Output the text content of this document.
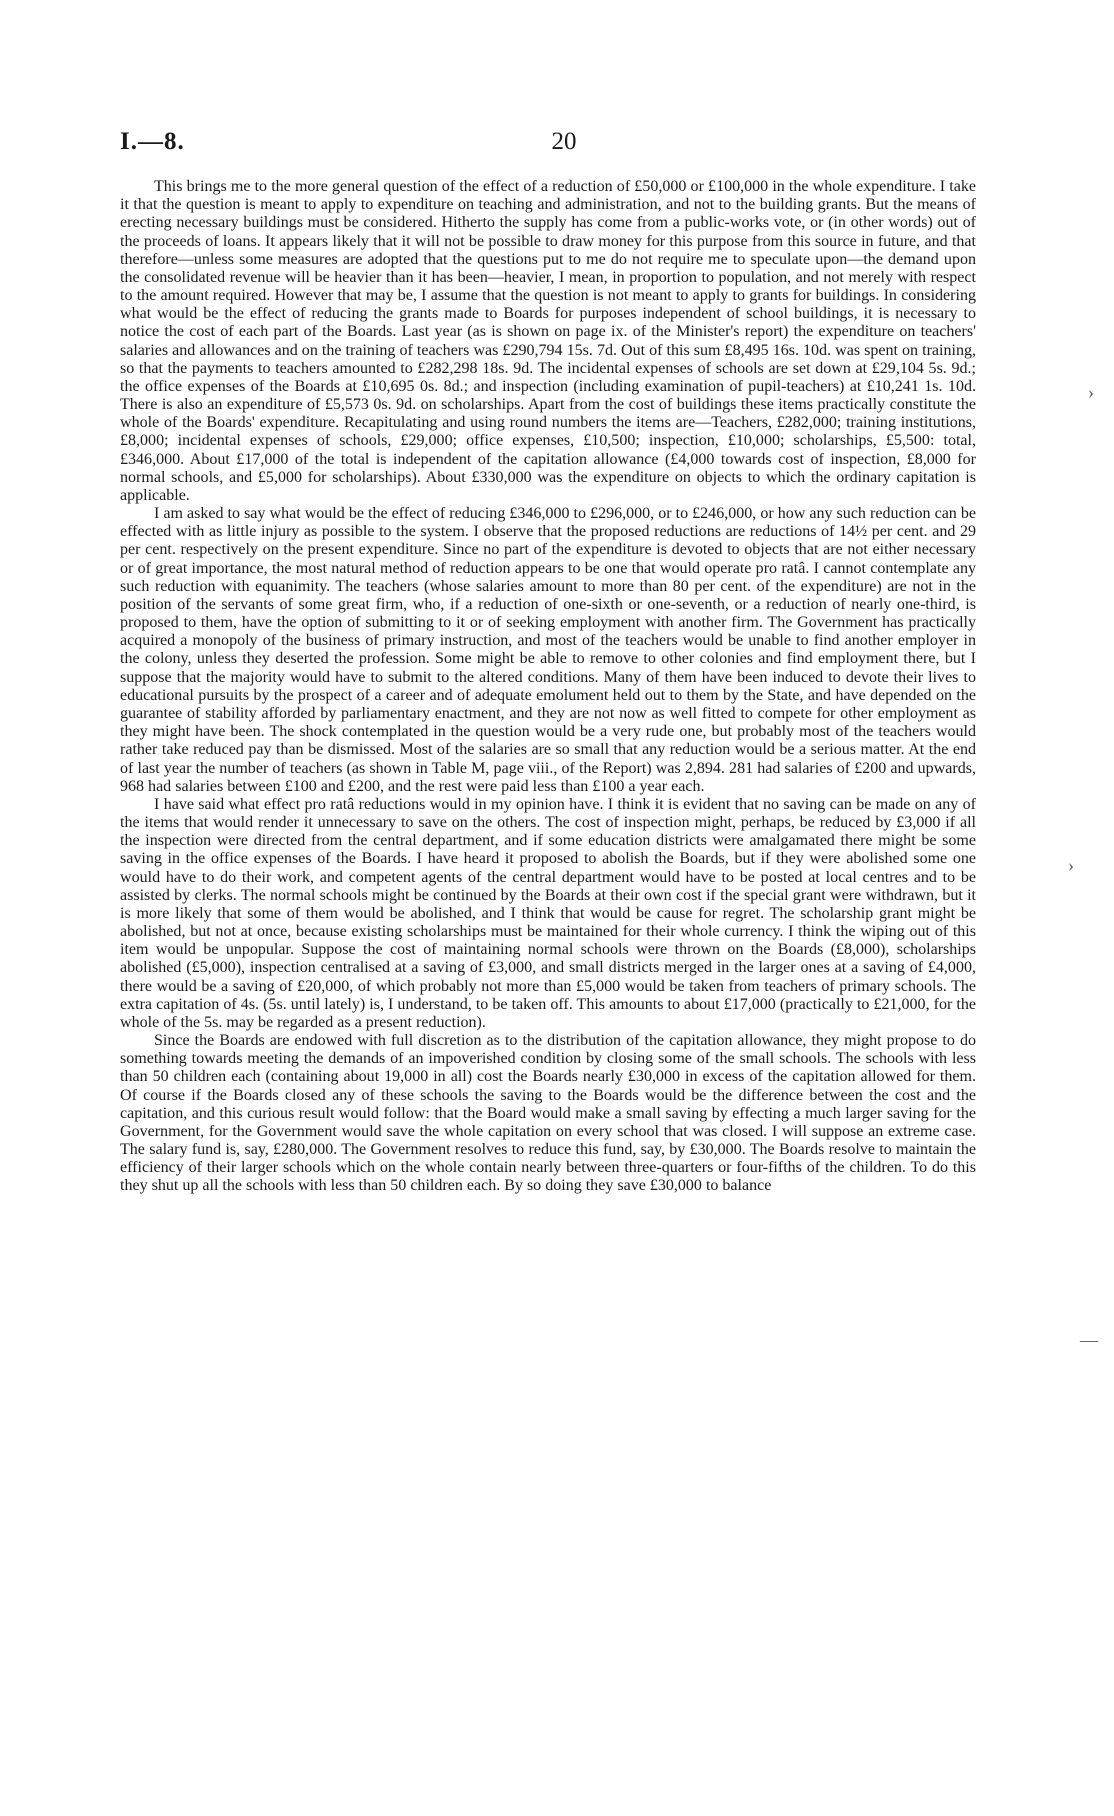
I.—8.	20

This brings me to the more general question of the effect of a reduction of £50,000 or £100,000 in the whole expenditure. I take it that the question is meant to apply to expenditure on teaching and administration, and not to the building grants. But the means of erecting necessary buildings must be considered. Hitherto the supply has come from a public-works vote, or (in other words) out of the proceeds of loans. It appears likely that it will not be possible to draw money for this purpose from this source in future, and that therefore—unless some measures are adopted that the questions put to me do not require me to speculate upon—the demand upon the consolidated revenue will be heavier than it has been—heavier, I mean, in proportion to population, and not merely with respect to the amount required. However that may be, I assume that the question is not meant to apply to grants for buildings. In considering what would be the effect of reducing the grants made to Boards for purposes independent of school buildings, it is necessary to notice the cost of each part of the Boards. Last year (as is shown on page ix. of the Minister's report) the expenditure on teachers' salaries and allowances and on the training of teachers was £290,794 15s. 7d. Out of this sum £8,495 16s. 10d. was spent on training, so that the payments to teachers amounted to £282,298 18s. 9d. The incidental expenses of schools are set down at £29,104 5s. 9d.; the office expenses of the Boards at £10,695 0s. 8d.; and inspection (including examination of pupil-teachers) at £10,241 1s. 10d. There is also an expenditure of £5,573 0s. 9d. on scholarships. Apart from the cost of buildings these items practically constitute the whole of the Boards' expenditure. Recapitulating and using round numbers the items are—Teachers, £282,000; training institutions, £8,000; incidental expenses of schools, £29,000; office expenses, £10,500; inspection, £10,000; scholarships, £5,500: total, £346,000. About £17,000 of the total is independent of the capitation allowance (£4,000 towards cost of inspection, £8,000 for normal schools, and £5,000 for scholarships). About £330,000 was the expenditure on objects to which the ordinary capitation is applicable.

I am asked to say what would be the effect of reducing £346,000 to £296,000, or to £246,000, or how any such reduction can be effected with as little injury as possible to the system. I observe that the proposed reductions are reductions of 14½ per cent. and 29 per cent. respectively on the present expenditure. Since no part of the expenditure is devoted to objects that are not either necessary or of great importance, the most natural method of reduction appears to be one that would operate pro ratâ. I cannot contemplate any such reduction with equanimity. The teachers (whose salaries amount to more than 80 per cent. of the expenditure) are not in the position of the servants of some great firm, who, if a reduction of one-sixth or one-seventh, or a reduction of nearly one-third, is proposed to them, have the option of submitting to it or of seeking employment with another firm. The Government has practically acquired a monopoly of the business of primary instruction, and most of the teachers would be unable to find another employer in the colony, unless they deserted the profession. Some might be able to remove to other colonies and find employment there, but I suppose that the majority would have to submit to the altered conditions. Many of them have been induced to devote their lives to educational pursuits by the prospect of a career and of adequate emolument held out to them by the State, and have depended on the guarantee of stability afforded by parliamentary enactment, and they are not now as well fitted to compete for other employment as they might have been. The shock contemplated in the question would be a very rude one, but probably most of the teachers would rather take reduced pay than be dismissed. Most of the salaries are so small that any reduction would be a serious matter. At the end of last year the number of teachers (as shown in Table M, page viii., of the Report) was 2,894. 281 had salaries of £200 and upwards, 968 had salaries between £100 and £200, and the rest were paid less than £100 a year each.

I have said what effect pro ratâ reductions would in my opinion have. I think it is evident that no saving can be made on any of the items that would render it unnecessary to save on the others. The cost of inspection might, perhaps, be reduced by £3,000 if all the inspection were directed from the central department, and if some education districts were amalgamated there might be some saving in the office expenses of the Boards. I have heard it proposed to abolish the Boards, but if they were abolished some one would have to do their work, and competent agents of the central department would have to be posted at local centres and to be assisted by clerks. The normal schools might be continued by the Boards at their own cost if the special grant were withdrawn, but it is more likely that some of them would be abolished, and I think that would be cause for regret. The scholarship grant might be abolished, but not at once, because existing scholarships must be maintained for their whole currency. I think the wiping out of this item would be unpopular. Suppose the cost of maintaining normal schools were thrown on the Boards (£8,000), scholarships abolished (£5,000), inspection centralised at a saving of £3,000, and small districts merged in the larger ones at a saving of £4,000, there would be a saving of £20,000, of which probably not more than £5,000 would be taken from teachers of primary schools. The extra capitation of 4s. (5s. until lately) is, I understand, to be taken off. This amounts to about £17,000 (practically to £21,000, for the whole of the 5s. may be regarded as a present reduction).

Since the Boards are endowed with full discretion as to the distribution of the capitation allowance, they might propose to do something towards meeting the demands of an impoverished condition by closing some of the small schools. The schools with less than 50 children each (containing about 19,000 in all) cost the Boards nearly £30,000 in excess of the capitation allowed for them. Of course if the Boards closed any of these schools the saving to the Boards would be the difference between the cost and the capitation, and this curious result would follow: that the Board would make a small saving by effecting a much larger saving for the Government, for the Government would save the whole capitation on every school that was closed. I will suppose an extreme case. The salary fund is, say, £280,000. The Government resolves to reduce this fund, say, by £30,000. The Boards resolve to maintain the efficiency of their larger schools which on the whole contain nearly between three-quarters or four-fifths of the children. To do this they shut up all the schools with less than 50 children each. By so doing they save £30,000 to balance

›
›
—
